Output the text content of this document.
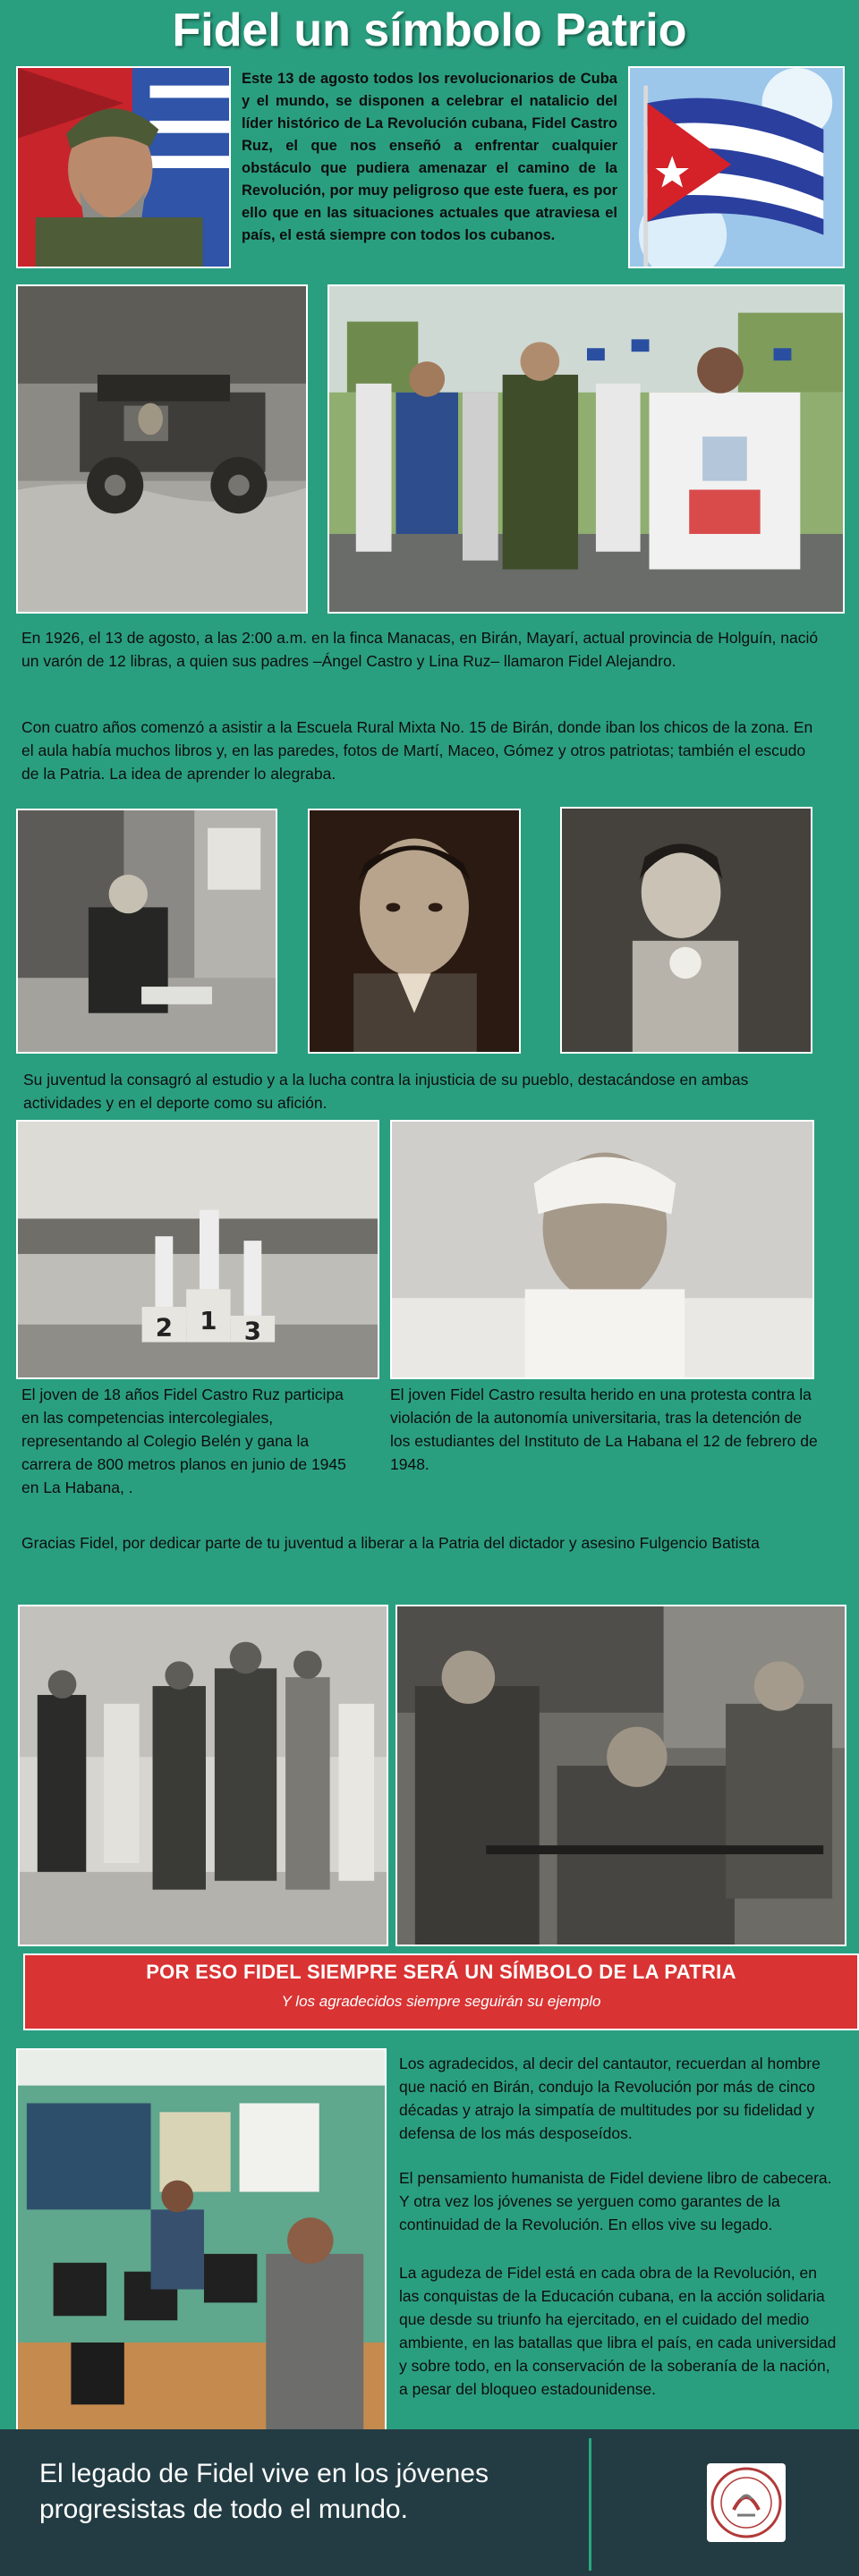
Fidel un símbolo Patrio

Este 13 de agosto todos los revolucionarios de Cuba y el mundo, se disponen a celebrar el natalicio del líder histórico de La Revolución cubana, Fidel Castro Ruz, el que nos enseñó a enfrentar cualquier obstáculo que pudiera amenazar el camino de la Revolución, por muy peligroso que este fuera, es por ello que en las situaciones actuales que atraviesa el país, el está siempre con todos los cubanos.

En 1926, el 13 de agosto, a las 2:00 a.m. en la finca Manacas, en Birán, Mayarí, actual provincia de Holguín, nació un varón de 12 libras, a quien sus padres –Ángel Castro y Lina Ruz– llamaron Fidel Alejandro.

Con cuatro años comenzó a asistir a la Escuela Rural Mixta No. 15 de Birán, donde iban los chicos de la zona. En el aula había muchos libros y, en las paredes, fotos de Martí, Maceo, Gómez y otros patriotas; también el escudo de la Patria. La idea de aprender lo alegraba.

Su juventud la consagró al estudio y a la lucha contra la injusticia de su pueblo, destacándose en ambas actividades y en el deporte como su afición.

2 1 3

El joven de 18 años Fidel Castro Ruz participa en las competencias intercolegiales, representando al Colegio Belén y gana la carrera de 800 metros planos en junio de 1945 en La Habana, .

El joven Fidel Castro resulta herido en una protesta contra la violación de la autonomía universitaria, tras la detención de los estudiantes del Instituto de La Habana el 12 de febrero de 1948.

Gracias Fidel, por dedicar parte de tu juventud a liberar a la Patria del dictador y asesino Fulgencio Batista

POR ESO FIDEL SIEMPRE SERÁ UN SÍMBOLO DE LA PATRIA

Y los agradecidos siempre seguirán su ejemplo

Los agradecidos, al decir del cantautor, recuerdan al hombre que nació en Birán, condujo la Revolución por más de cinco décadas y atrajo la simpatía de multitudes por su fidelidad y defensa de los más desposeídos.

El pensamiento humanista de Fidel deviene libro de cabecera. Y otra vez los jóvenes se yerguen como garantes de la continuidad de la Revolución. En ellos vive su legado.

La agudeza de Fidel está en cada obra de la Revolución, en las conquistas de la Educación cubana, en la acción solidaria que desde su triunfo ha ejercitado, en el cuidado del medio ambiente, en las batallas que libra el país, en cada universidad y sobre todo, en la conservación de la soberanía de la nación, a pesar del bloqueo estadounidense.

El legado de Fidel vive en los jóvenes progresistas de todo el mundo.
